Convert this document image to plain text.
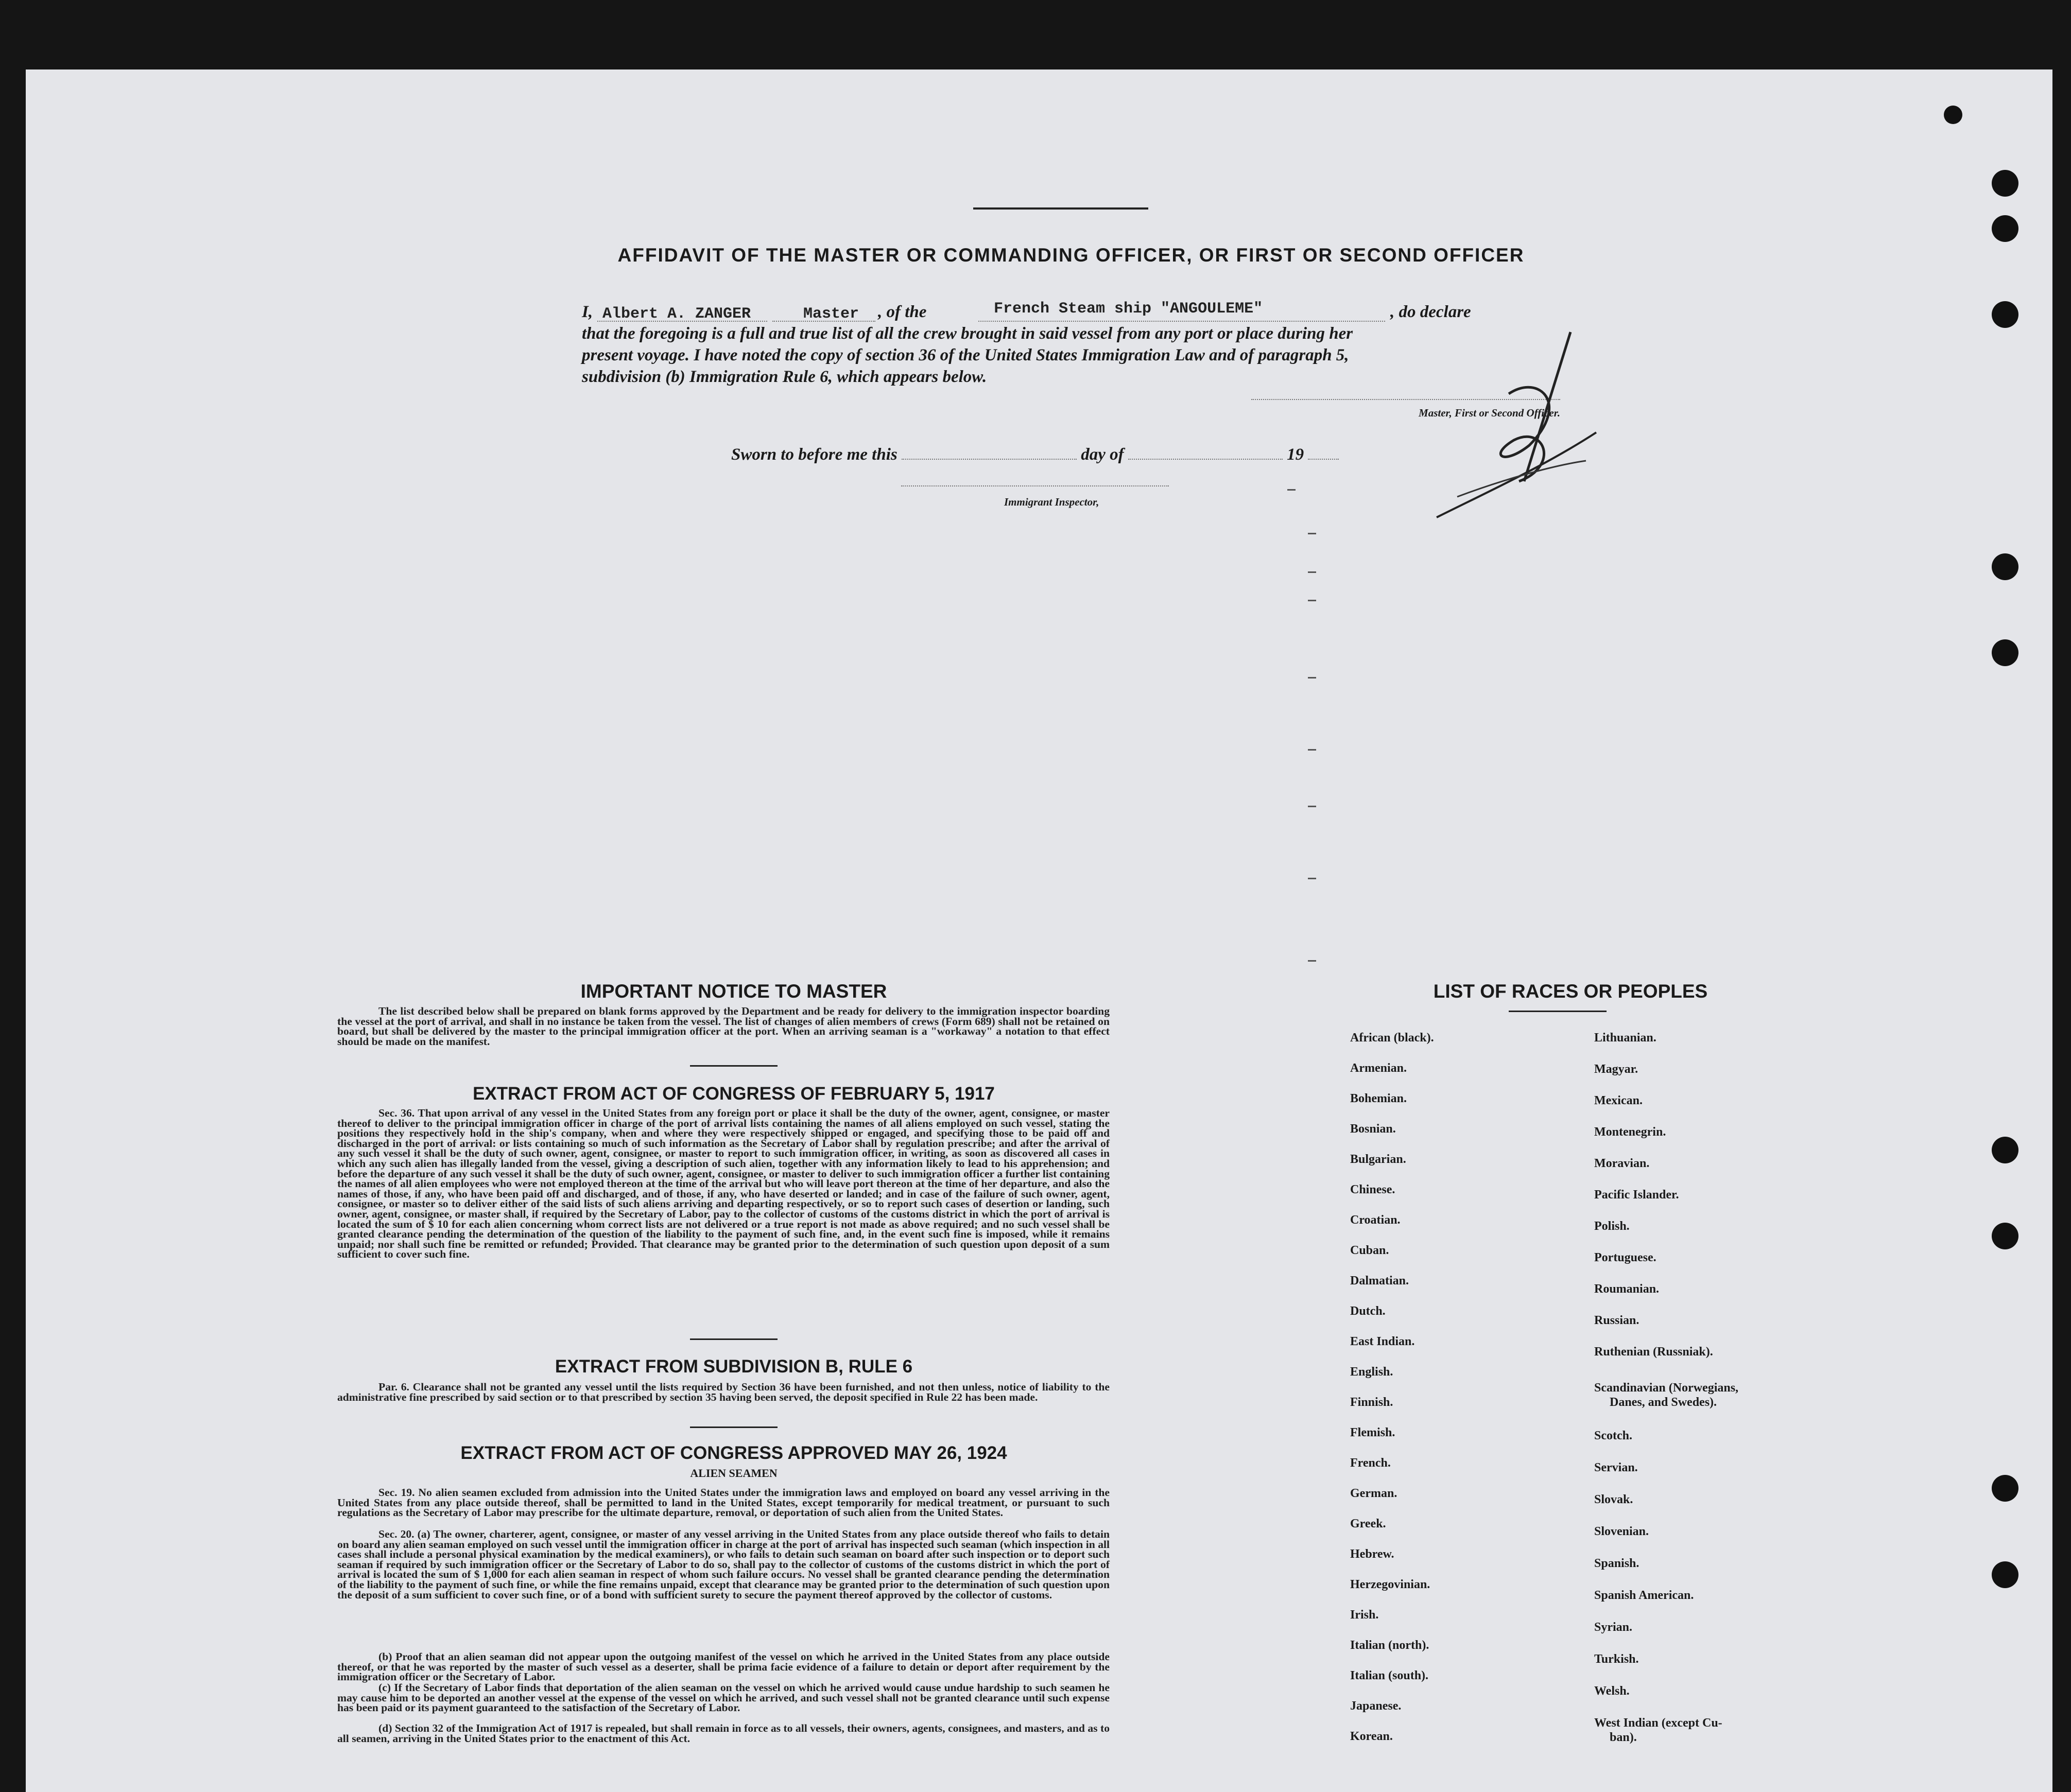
AFFIDAVIT OF THE MASTER OR COMMANDING OFFICER, OR FIRST OR SECOND OFFICER
I, Albert A. ZANGER	Master , of the	French Steam ship "ANGOULEME"	, do declare
that the foregoing is a full and true list of all the crew brought in said vessel from any port or place during her
present voyage. I have noted the copy of section 36 of the United States Immigration Law and of paragraph 5,
subdivision (b) Immigration Rule 6, which appears below.
Master, First or Second Officer.
Sworn to before me this	day of	19
Immigrant Inspector,
IMPORTANT NOTICE TO MASTER
The list described below shall be prepared on blank forms approved by the Department and be ready for delivery to the immigration inspector boarding the vessel at the port of arrival, and shall in no instance be taken from the vessel. The list of changes of alien members of crews (Form 689) shall not be retained on board, but shall be delivered by the master to the principal immigration officer at the port. When an arriving seaman is a "workaway" a notation to that effect should be made on the manifest.
EXTRACT FROM ACT OF CONGRESS OF FEBRUARY 5, 1917
Sec. 36. That upon arrival of any vessel in the United States from any foreign port or place it shall be the duty of the owner, agent, consignee, or master thereof to deliver to the principal immigration officer in charge of the port of arrival lists containing the names of all aliens employed on such vessel, stating the positions they respectively hold in the ship's company, when and where they were respectively shipped or engaged, and specifying those to be paid off and discharged in the port of arrival: or lists containing so much of such information as the Secretary of Labor shall by regulation prescribe; and after the arrival of any such vessel it shall be the duty of such owner, agent, consignee, or master to report to such immigration officer, in writing, as soon as discovered all cases in which any such alien has illegally landed from the vessel, giving a description of such alien, together with any information likely to lead to his apprehension; and before the departure of any such vessel it shall be the duty of such owner, agent, consignee, or master to deliver to such immigration officer a further list containing the names of all alien employees who were not employed thereon at the time of the arrival but who will leave port thereon at the time of her departure, and also the names of those, if any, who have been paid off and discharged, and of those, if any, who have deserted or landed; and in case of the failure of such owner, agent, consignee, or master so to deliver either of the said lists of such aliens arriving and departing respectively, or so to report such cases of desertion or landing, such owner, agent, consignee, or master shall, if required by the Secretary of Labor, pay to the collector of customs of the customs district in which the port of arrival is located the sum of $ 10 for each alien concerning whom correct lists are not delivered or a true report is not made as above required; and no such vessel shall be granted clearance pending the determination of the question of the liability to the payment of such fine, and, in the event such fine is imposed, while it remains unpaid; nor shall such fine be remitted or refunded; Provided. That clearance may be granted prior to the determination of such question upon deposit of a sum sufficient to cover such fine.
EXTRACT FROM SUBDIVISION B, RULE 6
Par. 6. Clearance shall not be granted any vessel until the lists required by Section 36 have been furnished, and not then unless, notice of liability to the administrative fine prescribed by said section or to that prescribed by section 35 having been served, the deposit specified in Rule 22 has been made.
EXTRACT FROM ACT OF CONGRESS APPROVED MAY 26, 1924
ALIEN SEAMEN
Sec. 19. No alien seamen excluded from admission into the United States under the immigration laws and employed on board any vessel arriving in the United States from any place outside thereof, shall be permitted to land in the United States, except temporarily for medical treatment, or pursuant to such regulations as the Secretary of Labor may prescribe for the ultimate departure, removal, or deportation of such alien from the United States.
Sec. 20. (a) The owner, charterer, agent, consignee, or master of any vessel arriving in the United States from any place outside thereof who fails to detain on board any alien seaman employed on such vessel until the immigration officer in charge at the port of arrival has inspected such seaman (which inspection in all cases shall include a personal physical examination by the medical examiners), or who fails to detain such seaman on board after such inspection or to deport such seaman if required by such immigration officer or the Secretary of Labor to do so, shall pay to the collector of customs of the customs district in which the port of arrival is located the sum of $ 1,000 for each alien seaman in respect of whom such failure occurs. No vessel shall be granted clearance pending the determination of the liability to the payment of such fine, or while the fine remains unpaid, except that clearance may be granted prior to the determination of such question upon the deposit of a sum sufficient to cover such fine, or of a bond with sufficient surety to secure the payment thereof approved by the collector of customs.
(b) Proof that an alien seaman did not appear upon the outgoing manifest of the vessel on which he arrived in the United States from any place outside thereof, or that he was reported by the master of such vessel as a deserter, shall be prima facie evidence of a failure to detain or deport after requirement by the immigration officer or the Secretary of Labor.
(c) If the Secretary of Labor finds that deportation of the alien seaman on the vessel on which he arrived would cause undue hardship to such seamen he may cause him to be deported an another vessel at the expense of the vessel on which he arrived, and such vessel shall not be granted clearance until such expense has been paid or its payment guaranteed to the satisfaction of the Secretary of Labor.
(d) Section 32 of the Immigration Act of 1917 is repealed, but shall remain in force as to all vessels, their owners, agents, consignees, and masters, and as to all seamen, arriving in the United States prior to the enactment of this Act.
LIST OF RACES OR PEOPLES
African (black).
Armenian.
Bohemian.
Bosnian.
Bulgarian.
Chinese.
Croatian.
Cuban.
Dalmatian.
Dutch.
East Indian.
English.
Finnish.
Flemish.
French.
German.
Greek.
Hebrew.
Herzegovinian.
Irish.
Italian (north).
Italian (south).
Japanese.
Korean.
Lithuanian.
Magyar.
Mexican.
Montenegrin.
Moravian.
Pacific Islander.
Polish.
Portuguese.
Roumanian.
Russian.
Ruthenian (Russniak).
Scandinavian (Norwegians,
Danes, and Swedes).
Scotch.
Servian.
Slovak.
Slovenian.
Spanish.
Spanish American.
Syrian.
Turkish.
Welsh.
West Indian (except Cu-
ban).
